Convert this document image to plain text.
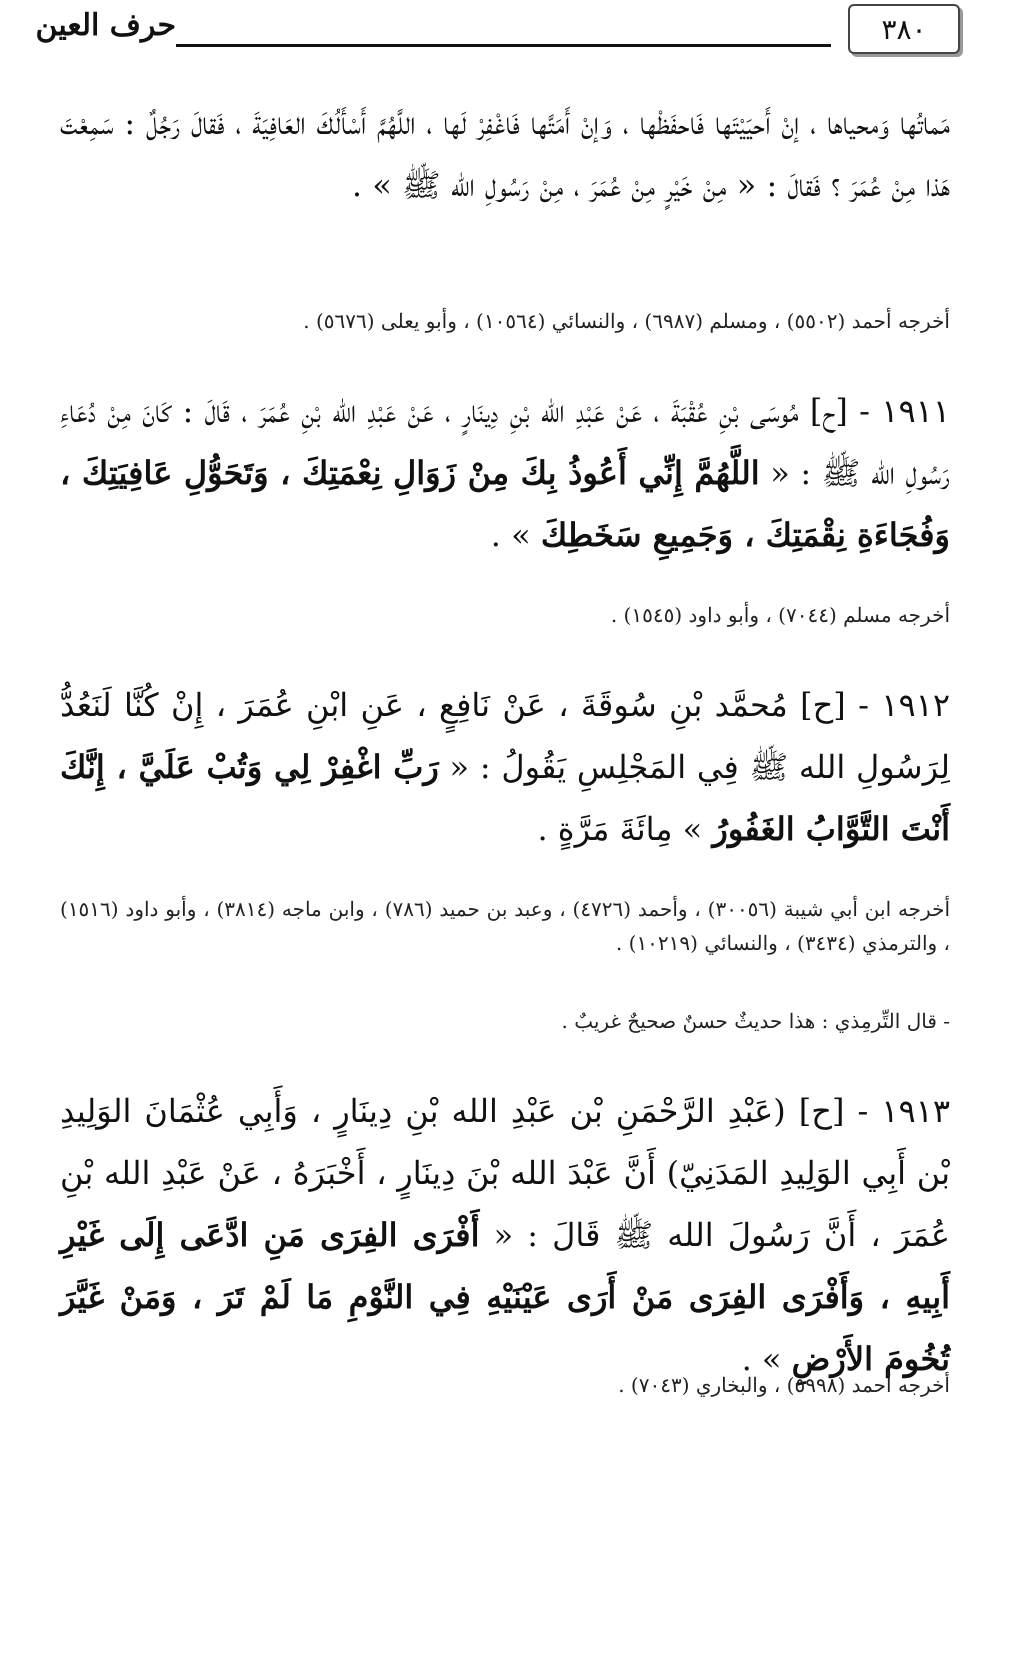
٣٨٠
حرف العين

مَماتُها وَمحياها ، إنْ أَحيَيْتَها فَاحفَظْها ، وَإنْ أَمَتَّها فَاغْفِرْ لَها ، اللَّهُمَّ أَسْأَلُكَ العَافِيَةَ ، فَقالَ رَجُلٌ : سَمِعْتَ هَذا مِنْ عُمَرَ ؟ فَقالَ : « مِنْ خَيْرٍ مِنْ عُمَرَ ، مِنْ رَسُولِ الله ﷺ » .

أخرجه أحمد (٥٥٠٢) ، ومسلم (٦٩٨٧) ، والنسائي (١٠٥٦٤) ، وأبو يعلى (٥٦٧٦) .

١٩١١ - [ح] مُوسَى بْنِ عُقْبَةَ ، عَنْ عَبْدِ الله بْنِ دِينَارٍ ، عَنْ عَبْدِ الله بْنِ عُمَرَ ، قَالَ : كَانَ مِنْ دُعَاءِ رَسُولِ الله ﷺ : « اللَّهُمَّ إِنِّي أَعُوذُ بِكَ مِنْ زَوَالِ نِعْمَتِكَ ، وَتَحَوُّلِ عَافِيَتِكَ ، وَفُجَاءَةِ نِقْمَتِكَ ، وَجَمِيعِ سَخَطِكَ » .

أخرجه مسلم (٧٠٤٤) ، وأبو داود (١٥٤٥) .

١٩١٢ - [ح] مُحمَّد بْنِ سُوقَةَ ، عَنْ نَافِعٍ ، عَنِ ابْنِ عُمَرَ ، إِنْ كُنَّا لَنَعُدُّ لِرَسُولِ الله ﷺ فِي المَجْلِسِ يَقُولُ : « رَبِّ اغْفِرْ لِي وَتُبْ عَلَيَّ ، إِنَّكَ أَنْتَ التَّوَّابُ الغَفُورُ » مِائَةَ مَرَّةٍ .

أخرجه ابن أبي شيبة (٣٠٠٥٦) ، وأحمد (٤٧٢٦) ، وعبد بن حميد (٧٨٦) ، وابن ماجه (٣٨١٤) ، وأبو داود (١٥١٦) ، والترمذي (٣٤٣٤) ، والنسائي (١٠٢١٩) .

- قال التِّرمِذي : هذا حديثٌ حسنٌ صحيحٌ غريبٌ .

١٩١٣ - [ح] (عَبْدِ الرَّحْمَنِ بْن عَبْدِ الله بْنِ دِينَارٍ ، وَأَبِي عُثْمَانَ الوَلِيدِ بْن أَبِي الوَلِيدِ المَدَنِيّ) أَنَّ عَبْدَ الله بْنَ دِينَارٍ ، أَخْبَرَهُ ، عَنْ عَبْدِ الله بْنِ عُمَرَ ، أَنَّ رَسُولَ الله ﷺ قَالَ : « أَفْرَى الفِرَى مَنِ ادَّعَى إِلَى غَيْرِ أَبِيهِ ، وَأَفْرَى الفِرَى مَنْ أَرَى عَيْنَيْهِ فِي النَّوْمِ مَا لَمْ تَرَ ، وَمَنْ غَيَّرَ تُخُومَ الأَرْضِ » .

أخرجه أحمد (٥٩٩٨) ، والبخاري (٧٠٤٣) .
